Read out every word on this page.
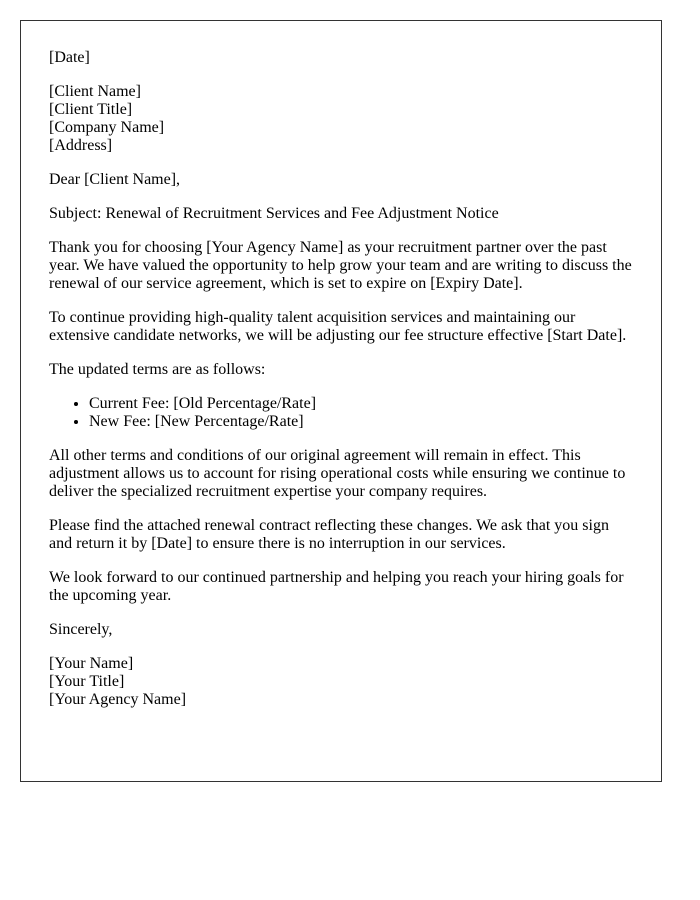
[Date]

[Client Name]
[Client Title]
[Company Name]
[Address]

Dear [Client Name],

Subject: Renewal of Recruitment Services and Fee Adjustment Notice

Thank you for choosing [Your Agency Name] as your recruitment partner over the past year. We have valued the opportunity to help grow your team and are writing to discuss the renewal of our service agreement, which is set to expire on [Expiry Date].

To continue providing high-quality talent acquisition services and maintaining our extensive candidate networks, we will be adjusting our fee structure effective [Start Date].

The updated terms are as follows:

• Current Fee: [Old Percentage/Rate]
• New Fee: [New Percentage/Rate]

All other terms and conditions of our original agreement will remain in effect. This adjustment allows us to account for rising operational costs while ensuring we continue to deliver the specialized recruitment expertise your company requires.

Please find the attached renewal contract reflecting these changes. We ask that you sign and return it by [Date] to ensure there is no interruption in our services.

We look forward to our continued partnership and helping you reach your hiring goals for the upcoming year.

Sincerely,

[Your Name]
[Your Title]
[Your Agency Name]
